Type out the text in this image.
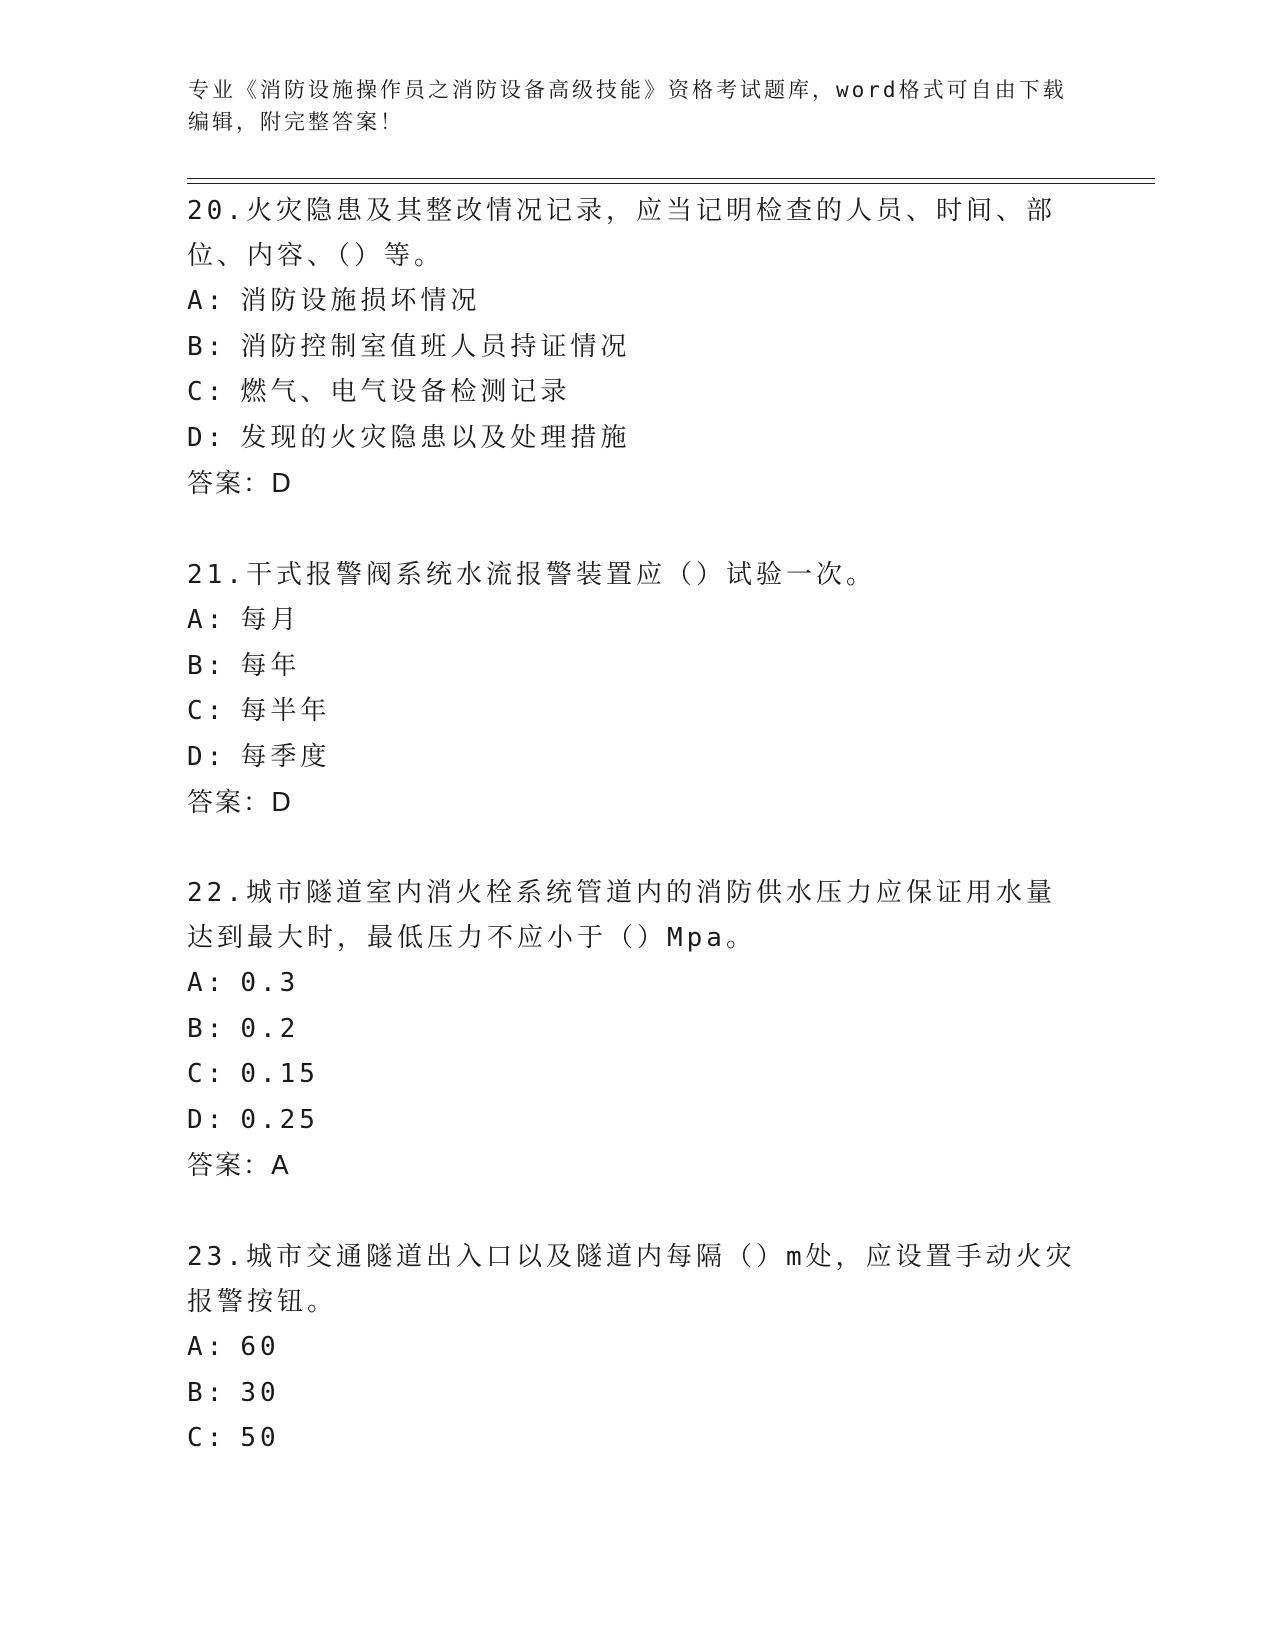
专业《消防设施操作员之消防设备高级技能》资格考试题库，word格式可自由下载编辑，附完整答案！

20.火灾隐患及其整改情况记录，应当记明检查的人员、时间、部位、内容、（）等。

A: 消防设施损坏情况

B: 消防控制室值班人员持证情况

C: 燃气、电气设备检测记录

D: 发现的火灾隐患以及处理措施

答案：D

21.干式报警阀系统水流报警装置应（）试验一次。

A: 每月

B: 每年

C: 每半年

D: 每季度

答案：D

22.城市隧道室内消火栓系统管道内的消防供水压力应保证用水量达到最大时，最低压力不应小于（）Mpa。

A: 0.3

B: 0.2

C: 0.15

D: 0.25

答案：A

23.城市交通隧道出入口以及隧道内每隔（）m处，应设置手动火灾报警按钮。

A: 60

B: 30

C: 50
